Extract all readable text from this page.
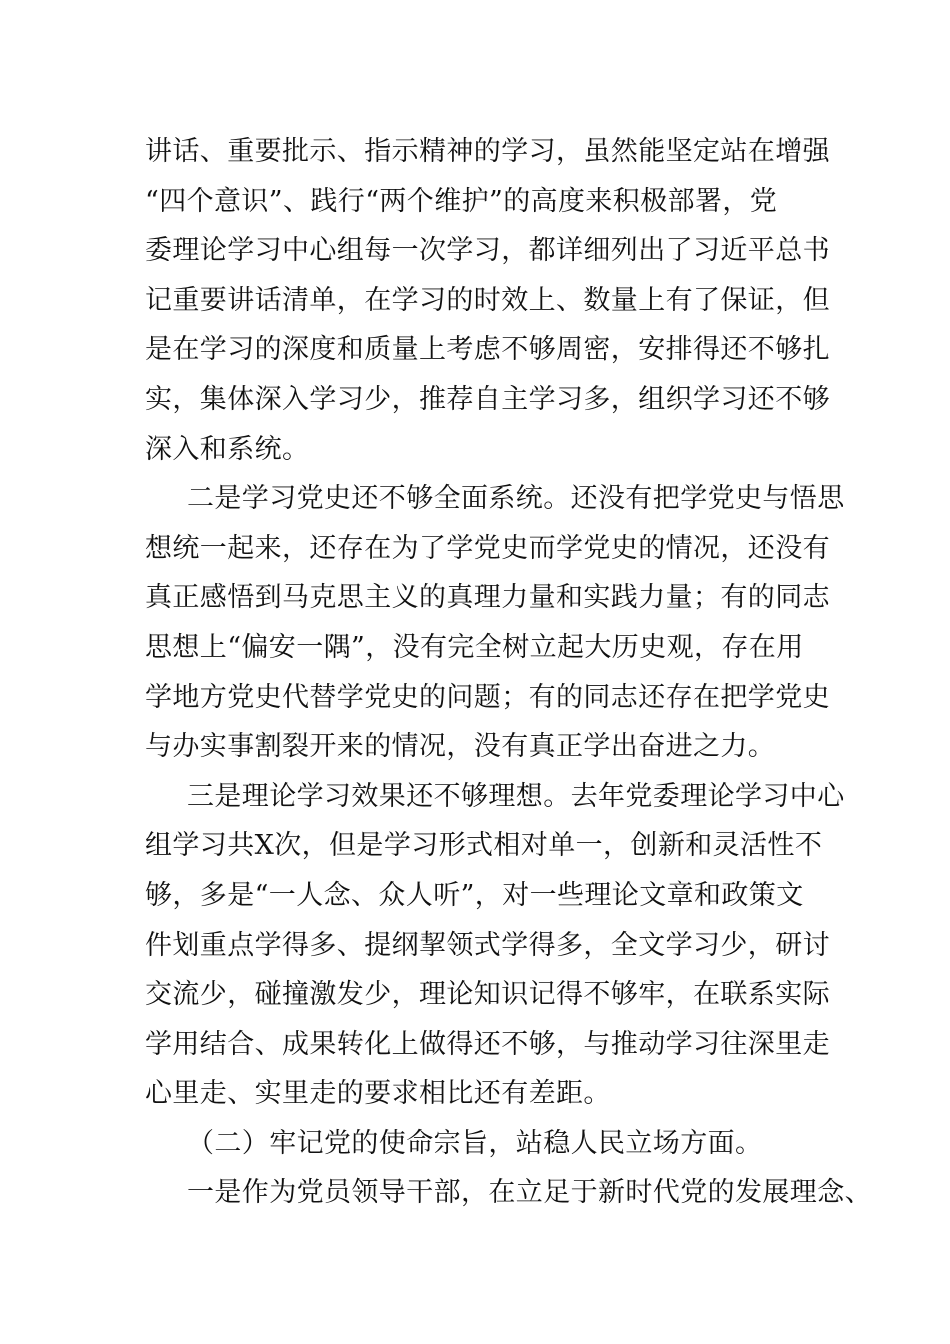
讲话、重要批示、指示精神的学习，虽然能坚定站在增强
“四个意识”、践行“两个维护”的高度来积极部署，党
委理论学习中心组每一次学习，都详细列出了习近平总书
记重要讲话清单，在学习的时效上、数量上有了保证，但
是在学习的深度和质量上考虑不够周密，安排得还不够扎
实，集体深入学习少，推荐自主学习多，组织学习还不够
深入和系统。
二是学习党史还不够全面系统。还没有把学党史与悟思
想统一起来，还存在为了学党史而学党史的情况，还没有
真正感悟到马克思主义的真理力量和实践力量；有的同志
思想上“偏安一隅”，没有完全树立起大历史观，存在用
学地方党史代替学党史的问题；有的同志还存在把学党史
与办实事割裂开来的情况，没有真正学出奋进之力。
三是理论学习效果还不够理想。去年党委理论学习中心
组学习共X次，但是学习形式相对单一，创新和灵活性不
够，多是“一人念、众人听”，对一些理论文章和政策文
件划重点学得多、提纲挈领式学得多，全文学习少，研讨
交流少，碰撞激发少，理论知识记得不够牢，在联系实际
学用结合、成果转化上做得还不够，与推动学习往深里走
心里走、实里走的要求相比还有差距。
（二）牢记党的使命宗旨，站稳人民立场方面。
一是作为党员领导干部，在立足于新时代党的发展理念、
